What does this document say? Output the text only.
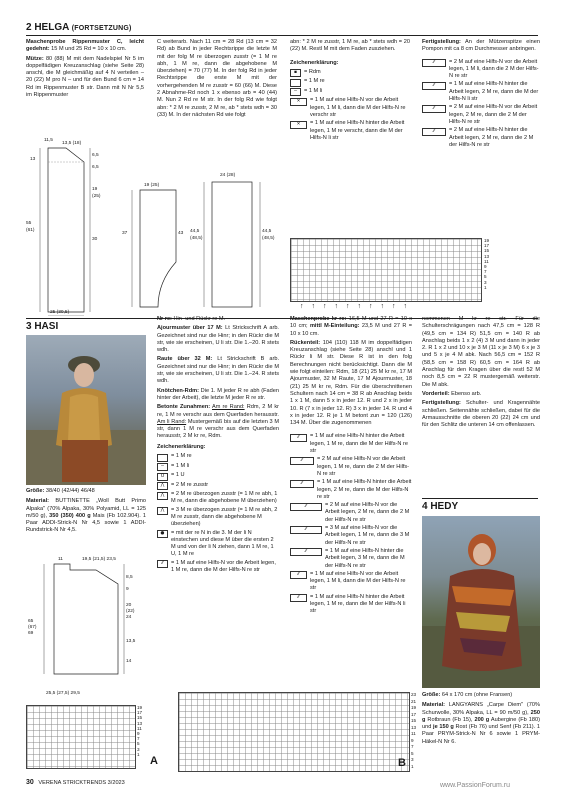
2 HELGA (FORTSETZUNG)

Maschenprobe Rippenmuster C, leicht gedehnt: 15 M und 25 Rd = 10 x 10 cm.

Mütze: 80 (88) M mit dem Nadelspiel Nr 5 im doppelfädigen Kreuzanschlag (siehe Seite 28) anschl, die M gleichmäßig auf 4 N verteilen – 20 (22) M pro N – und für den Bund 6 cm = 14 Rd im Rippenmuster B str. Dann mit N Nr 5,5 im Rippenmuster

C weiterarb. Nach 11 cm = 28 Rd (13 cm = 32 Rd) ab Bund in jeder Rechtsrippe die letzte M mit der folg M re überzogen zusstr (= 1 M re abh, 1 M re, dann die abgehobene M überziehen) = 70 (77) M. In der folg Rd in jeder Rechtsrippe die erste M mit der vorhergehenden M re zusstr = 60 (66) M. Diese 2 Abnahme-Rd noch 1 x ebenso arb = 40 (44) M. Nun 2 Rd re M str. In der folg Rd wie folgt abn: * 2 M re zusstr, 2 M re, ab * stets wdh = 30 (33) M. In der nächsten Rd wie folgt

abn: * 2 M re zusstr, 1 M re, ab * stets wdh = 20 (22) M. Restl M mit dem Faden zusziehen.

Zeichenerklärung:

▪	= Rdm
= 1 M re
−	= 1 M li
✕	= 1 M auf eine Hilfs-N vor die Arbeit legen, 1 M li, dann die M der Hilfs-N re verschr str
✕	= 1 M auf eine Hilfs-N hinter die Arbeit legen, 1 M re verschr, dann die M der Hilfs-N li str

Fertigstellung: An der Mützenspitze einen Pompon mit ca 8 cm Durchmesser anbringen.

⁄⁄	= 2 M auf eine Hilfs-N vor die Arbeit legen, 1 M li, dann die 2 M der Hilfs-N re str
⁄⁄	= 1 M auf eine Hilfs-N hinter die Arbeit legen, 2 M re, dann die M der Hilfs-N li str
⁄⁄	= 2 M auf eine Hilfs-N vor die Arbeit legen, 2 M re, dann die 2 M der Hilfs-N re str
⁄⁄	= 2 M auf eine Hilfs-N hinter die Arbeit legen, 2 M re, dann die 2 M der Hilfs-N re str
11,5
13,5 (18)
13
6,5
6,5
19
(25)
55
(61)
30
25 (30,5)
19 (25)
37	43
24 (28)
44,5
(48,5)
44,5
(48,5)	19
17
15
13
11
9
7
5
3
1
↑↑↑↑↑↑↑↑↑↑
3 HASI

Größe: 38/40 (42/44) 46/48

Material: BUTTINETTE „Woll Butt Primo Alpaka" (70% Alpaka, 30% Polyamid, LL = 125 m/50 g), 350 (350) 400 g Mais (Fb 102.904). 1 Paar ADDI-Strick-N Nr 4,5 sowie 1 ADDI-Rundstrick-N Nr 4,5.

11	19,5 (21,5) 23,5
8,5
9
20
(22)
24
65
(67)
69
13,5
14
25,5 (27,5) 29,5
19
17
15
13
11
9
7
5
3
1
A

Nr re: Hin- und Rückr re M.

Ajourmuster über 17 M: Lt Strickschrift A arb. Gezeichnet sind nur die Hinr; in den Rückr die M str, wie sie erscheinen, U li str. Die 1.–20. R stets wdh.

Raute über 32 M: Lt Strickschrift B arb. Gezeichnet sind nur die Hinr; in den Rückr die M str, wie sie erscheinen, U li str. Die 1.–24. R stets wdh.

Knötchen-Rdm: Die 1. M jeder R re abh (Faden hinter der Arbeit), die letzte M jeder R re str.

Betonte Zunahmen: Am re Rand: Rdm, 2 M kr re, 1 M re verschr aus dem Querfaden herausstr. Am li Rand: Mustergemäß bis auf die letzten 3 M str, dann 1 M re verschr aus dem Querfaden herausstr, 2 M kr re, Rdm.

Zeichenerklärung:

= 1 M re
−	= 1 M li
O	= 1 U
⋀	= 2 M re zusstr
⋀	= 2 M re überzogen zusstr (= 1 M re abh, 1 M re, dann die abgehobene M überziehen)
⋀	= 3 M re überzogen zusstr (= 1 M re abh, 2 M re zusstr, dann die abgehobene M überziehen)
●	= mit der re N in die 3. M der li N einstechen und diese M über die ersten 2 M und von der li N ziehen, dann 1 M re, 1 U, 1 M re
⁄⁄	= 1 M auf eine Hilfs-N vor die Arbeit legen, 1 M re, dann die M der Hilfs-N re str
23
21
19
17
15
13
11
9
7
5
3
1
B

Maschenprobe kr re: 16,5 M und 27 R = 10 x 10 cm; mittl M-Einteilung: 23,5 M und 27 R = 10 x 10 cm.

Rückenteil: 104 (110) 118 M im doppelfädigen Kreuzanschlag (siehe Seite 28) anschl und 1 Rückr li M str. Diese R ist in den folg Berechnungen nicht berücksichtigt. Dann die M wie folgt einteilen: Rdm, 18 (21) 25 M kr re, 17 M Ajourmuster, 32 M Raute, 17 M Ajourmuster, 18 (21) 25 M kr re, Rdm. Für die überschnittenen Schultern nach 14 cm = 38 R ab Anschlag beids 1 x 1 M, dann 5 x in jeder 12. R und 2 x in jeder 10. R (7 x in jeder 12. R) 3 x in jeder 14. R und 4 x in jeder 12. R je 1 M betont zun = 120 (126) 134 M. Über die zugenommenen

⁄⁄	= 1 M auf eine Hilfs-N hinter die Arbeit legen, 1 M re, dann die M der Hilfs-N re str
⁄⁄	= 2 M auf eine Hilfs-N vor die Arbeit legen, 1 M re, dann die 2 M der Hilfs-N re str
⁄⁄	= 1 M auf eine Hilfs-N hinter die Arbeit legen, 2 M re, dann die M der Hilfs-N re str
⁄⁄	= 2 M auf eine Hilfs-N vor die Arbeit legen, 2 M re, dann die 2 M der Hilfs-N re str
⁄⁄	= 3 M auf eine Hilfs-N vor die Arbeit legen, 1 M re, dann die 3 M der Hilfs-N re str
⁄⁄	= 1 M auf eine Hilfs-N hinter die Arbeit legen, 3 M re, dann die M der Hilfs-N re str
⁄⁄	= 1 M auf eine Hilfs-N vor die Arbeit legen, 1 M li, dann die M der Hilfs-N re str
⁄⁄	= 1 M auf eine Hilfs-N hinter die Arbeit legen, 1 M re, dann die M der Hilfs-N li str

nommenen M kr re str. Für die Schulterschrägungen nach 47,5 cm = 128 R (49,5 cm = 134 R) 51,5 cm = 140 R ab Anschlag beids 1 x 2 (4) 3 M und dann in jeder 2. R 1 x 2 und 10 x je 3 M (11 x je 3 M) 6 x je 3 und 5 x je 4 M abk. Nach 56,5 cm = 152 R (58,5 cm = 158 R) 60,5 cm = 164 R ab Anschlag für den Kragen über die restl 52 M noch 8,5 cm = 22 R mustergemäß weiterstr. Die M abk.

Vorderteil: Ebenso arb.

Fertigstellung: Schulter- und Kragennähte schließen. Seitennähte schließen, dabei für die Armausschnitte die oberen 20 (22) 24 cm und für den Schlitz die unteren 14 cm offenlassen.

4 HEDY

Größe: 64 x 170 cm (ohne Fransen)

Material: LANGYARNS „Carpe Diem" (70% Schurwolle, 30% Alpaka, LL = 90 m/50 g), 250 g Rotbraun (Fb 15), 200 g Aubergine (Fb 180) und je 150 g Rost (Fb 76) und Senf (Fb 211). 1 Paar PRYM-Strick-N Nr 6 sowie 1 PRYM-Häkel-N Nr 6.

30 VERENA STRICKTRENDS 3/2023	www.PassionForum.ru
